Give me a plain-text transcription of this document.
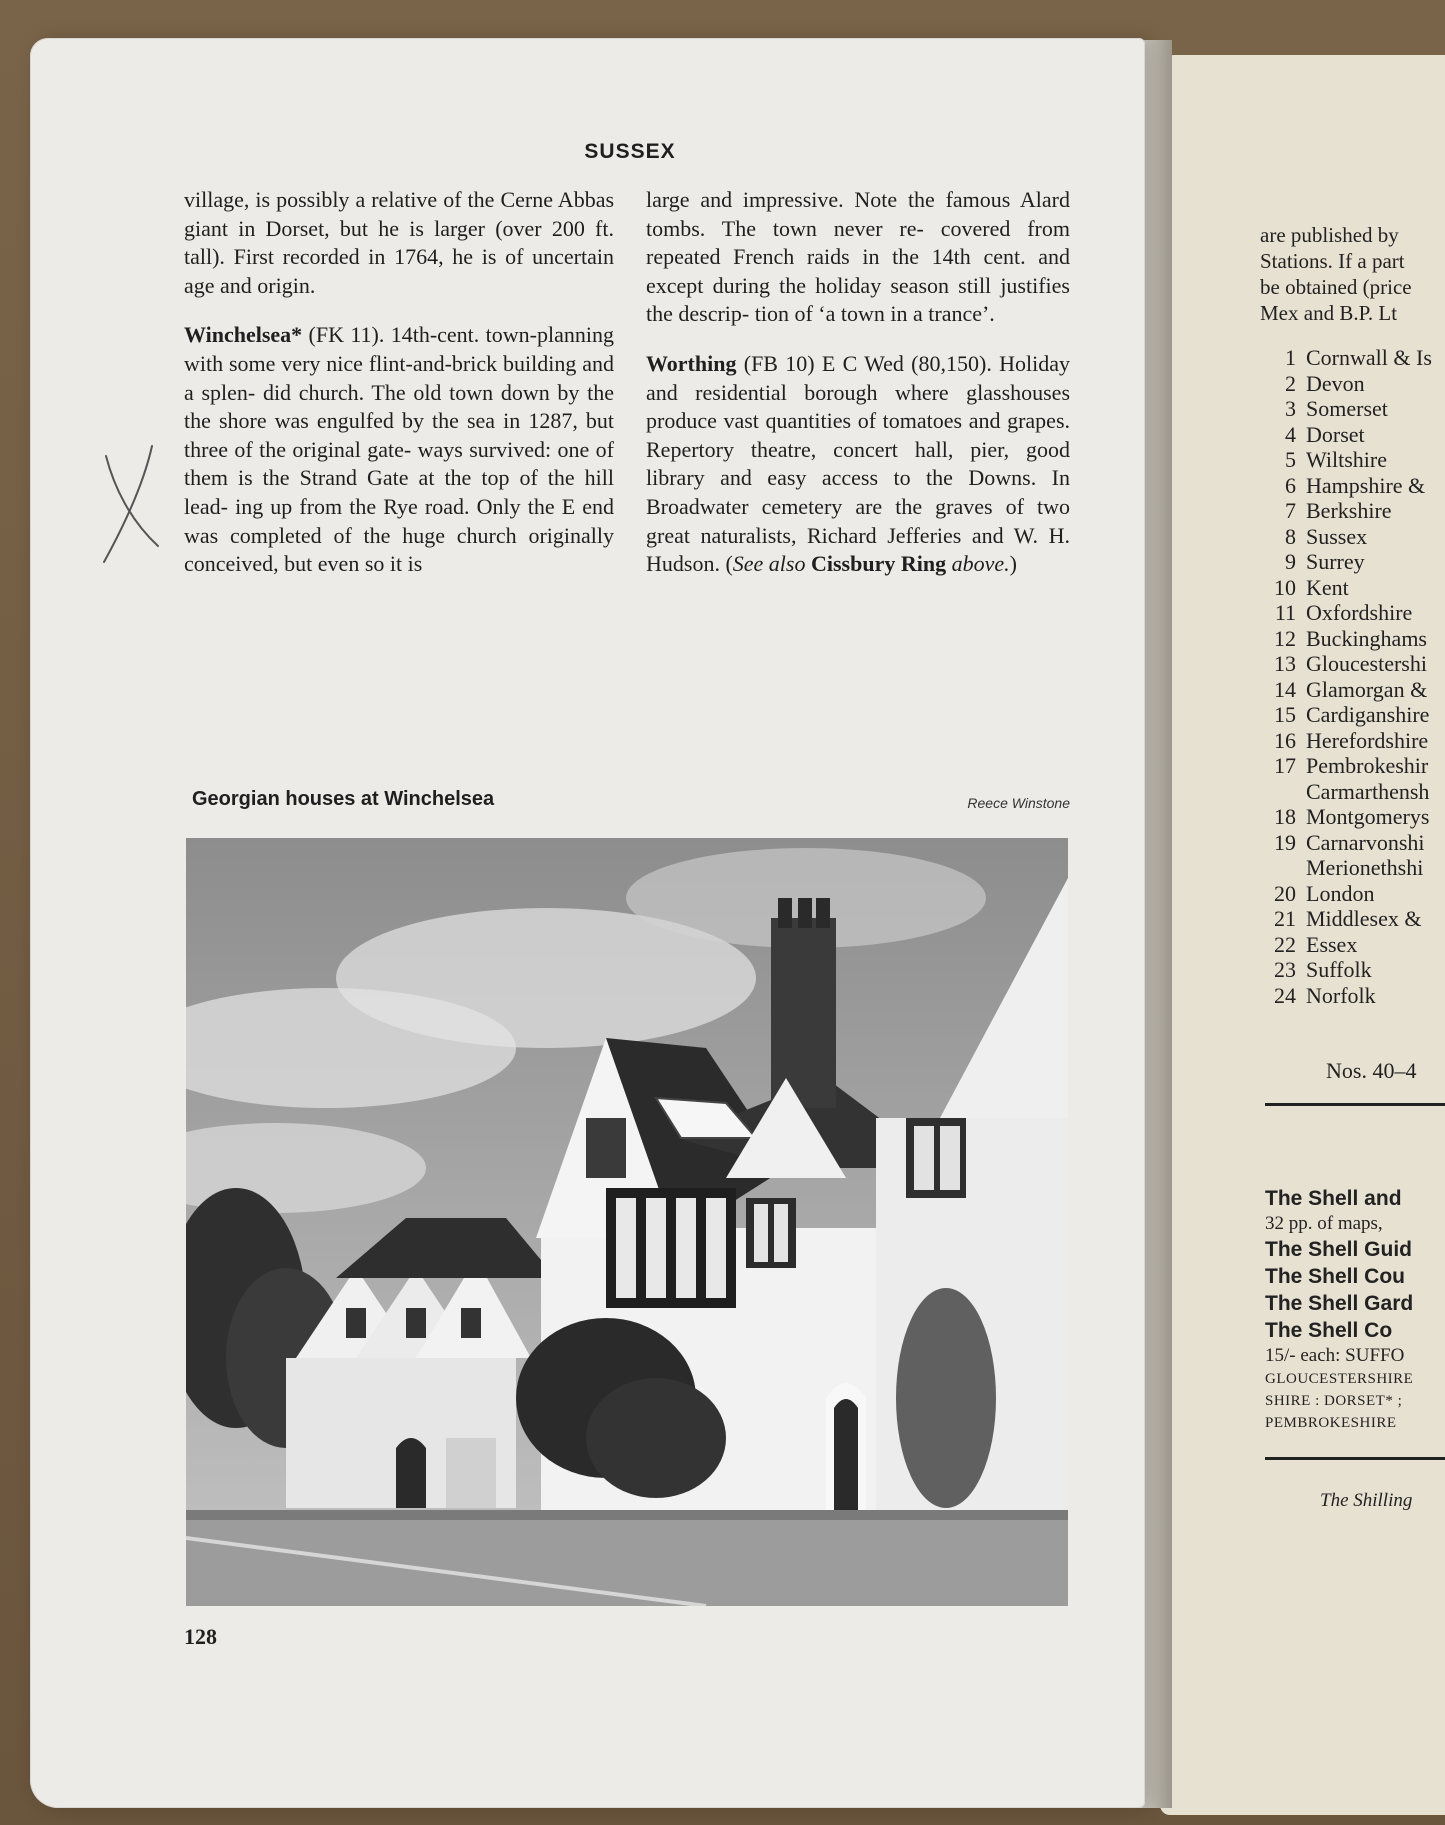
SUSSEX

village, is possibly a relative of the Cerne Abbas giant in Dorset, but he is larger (over 200 ft. tall). First recorded in 1764, he is of uncertain age and origin.

Winchelsea* (FK 11). 14th-cent. town-planning with some very nice flint-and-brick building and a splen- did church. The old town down by the the shore was engulfed by the sea in 1287, but three of the original gate- ways survived: one of them is the Strand Gate at the top of the hill lead- ing up from the Rye road. Only the E end was completed of the huge church originally conceived, but even so it is

large and impressive. Note the famous Alard tombs. The town never re- covered from repeated French raids in the 14th cent. and except during the holiday season still justifies the descrip- tion of ‘a town in a trance’.

Worthing (FB 10) E C Wed (80,150). Holiday and residential borough where glasshouses produce vast quantities of tomatoes and grapes. Repertory theatre, concert hall, pier, good library and easy access to the Downs. In Broadwater cemetery are the graves of two great naturalists, Richard Jefferies and W. H. Hudson. (See also Cissbury Ring above.)

Georgian houses at Winchelsea	Reece Winstone
128
are published by
Stations. If a part
be obtained (price
Mex and B.P. Lt
1 Cornwall & Is
2 Devon
3 Somerset
4 Dorset
5 Wiltshire
6 Hampshire &
7 Berkshire
8 Sussex
9 Surrey
10 Kent
11 Oxfordshire
12 Buckinghams
13 Gloucestershi
14 Glamorgan &
15 Cardiganshire
16 Herefordshire
17 Pembrokeshir
Carmarthensh
18 Montgomerys
19 Carnarvonshi
Merionethshi
20 London
21 Middlesex &
22 Essex
23 Suffolk
24 Norfolk
Nos. 40–4
The Shell and
32 pp. of maps,
The Shell Guid
The Shell Cou
The Shell Gard
The Shell Co
15/- each: SUFFO
GLOUCESTERSHIRE
SHIRE : DORSET* ;
PEMBROKESHIRE
The Shilling
